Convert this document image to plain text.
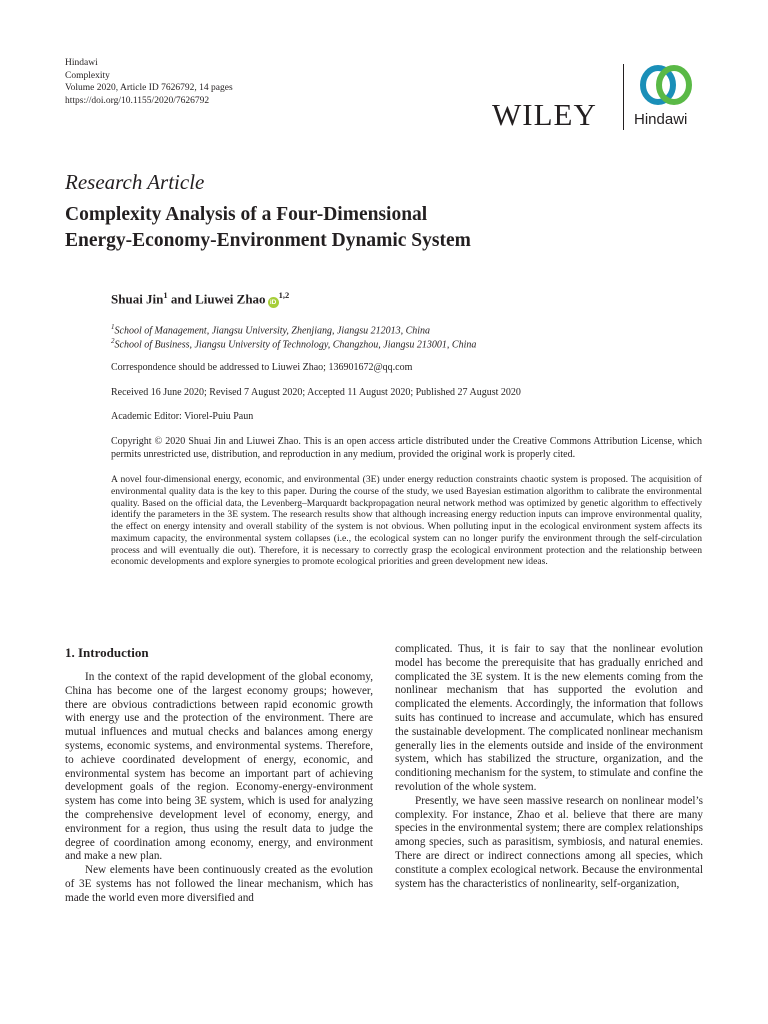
Hindawi
Complexity
Volume 2020, Article ID 7626792, 14 pages
https://doi.org/10.1155/2020/7626792	WILEY Hindawi
Research Article
Complexity Analysis of a Four-Dimensional
Energy-Economy-Environment Dynamic System
Shuai Jin$^1$ and Liuwei Zhao iD$^{1,2}$
$^1$School of Management, Jiangsu University, Zhenjiang, Jiangsu 212013, China
$^2$School of Business, Jiangsu University of Technology, Changzhou, Jiangsu 213001, China
Correspondence should be addressed to Liuwei Zhao; 136901672@qq.com
Received 16 June 2020; Revised 7 August 2020; Accepted 11 August 2020; Published 27 August 2020
Academic Editor: Viorel-Puiu Paun
Copyright © 2020 Shuai Jin and Liuwei Zhao. This is an open access article distributed under the Creative Commons Attribution License, which permits unrestricted use, distribution, and reproduction in any medium, provided the original work is properly cited.
A novel four-dimensional energy, economic, and environmental (3E) under energy reduction constraints chaotic system is proposed. The acquisition of environmental quality data is the key to this paper. During the course of the study, we used Bayesian estimation algorithm to calibrate the environmental quality. Based on the official data, the Levenberg–Marquardt backpropagation neural network method was optimized by genetic algorithm to effectively identify the parameters in the 3E system. The research results show that although increasing energy reduction inputs can improve environmental quality, the effect on energy intensity and overall stability of the system is not obvious. When polluting input in the ecological environment system affects its maximum capacity, the environmental system collapses (i.e., the ecological system can no longer purify the environment through the self-circulation process and will eventually die out). Therefore, it is necessary to correctly grasp the ecological environment protection and the relationship between economic developments and explore synergies to promote ecological priorities and green development new ideas.
1. Introduction

In the context of the rapid development of the global economy, China has become one of the largest economy groups; however, there are obvious contradictions between rapid economic growth with energy use and the protection of the environment. There are mutual influences and mutual checks and balances among energy systems, economic systems, and environmental systems. Therefore, to achieve coordinated development of energy, economic, and environmental system has become an important part of achieving development goals of the region. Economy-energy-environment system has come into being 3E system, which is used for analyzing the comprehensive development level of economy, energy, and environment for a region, thus using the result data to judge the degree of coordination among economy, energy, and environment and make a new plan.

New elements have been continuously created as the evolution of 3E systems has not followed the linear mechanism, which has made the world even more diversified and

complicated. Thus, it is fair to say that the nonlinear evolution model has become the prerequisite that has gradually enriched and complicated the 3E system. It is the new elements coming from the nonlinear mechanism that has supported the evolution and complicated the elements. Accordingly, the information that follows suits has continued to increase and accumulate, which has ensured the sustainable development. The complicated nonlinear mechanism generally lies in the elements outside and inside of the environment system, which has stabilized the structure, organization, and the conditioning mechanism for the system, to stimulate and confine the revolution of the whole system.

Presently, we have seen massive research on nonlinear model’s complexity. For instance, Zhao et al. believe that there are many species in the environmental system; there are complex relationships among species, such as parasitism, symbiosis, and natural enemies. There are direct or indirect connections among all species, which constitute a complex ecological network. Because the environmental system has the characteristics of nonlinearity, self-organization,
